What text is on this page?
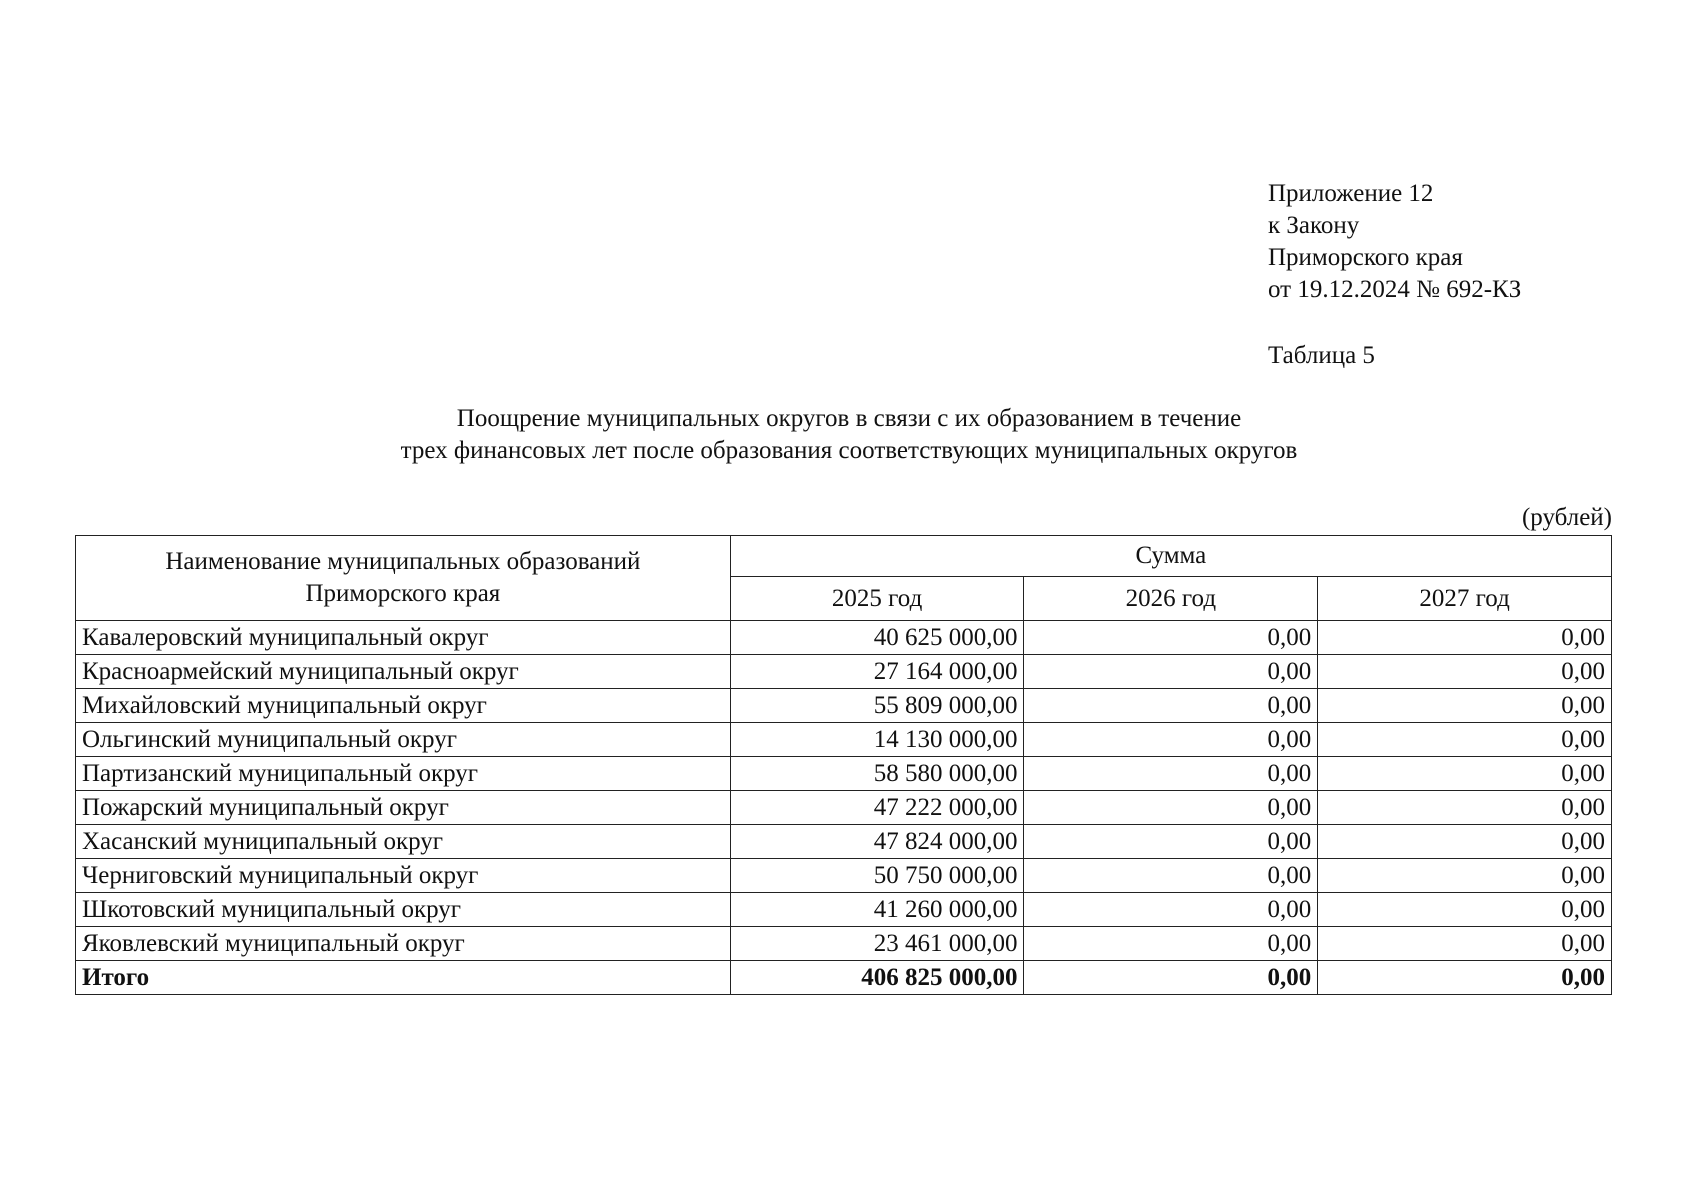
Приложение 12
к Закону
Приморского края
от 19.12.2024 № 692-КЗ
Таблица 5
Поощрение муниципальных округов в связи с их образованием в течение
трех финансовых лет после образования соответствующих муниципальных округов
(рублей)
Наименование муниципальных образований Приморского края	Сумма		
	2025 год	2026 год	2027 год
Кавалеровский муниципальный округ	40 625 000,00	0,00	0,00
Красноармейский муниципальный округ	27 164 000,00	0,00	0,00
Михайловский муниципальный округ	55 809 000,00	0,00	0,00
Ольгинский муниципальный округ	14 130 000,00	0,00	0,00
Партизанский муниципальный округ	58 580 000,00	0,00	0,00
Пожарский муниципальный округ	47 222 000,00	0,00	0,00
Хасанский муниципальный округ	47 824 000,00	0,00	0,00
Черниговский муниципальный округ	50 750 000,00	0,00	0,00
Шкотовский муниципальный округ	41 260 000,00	0,00	0,00
Яковлевский муниципальный округ	23 461 000,00	0,00	0,00
Итого	406 825 000,00	0,00	0,00
